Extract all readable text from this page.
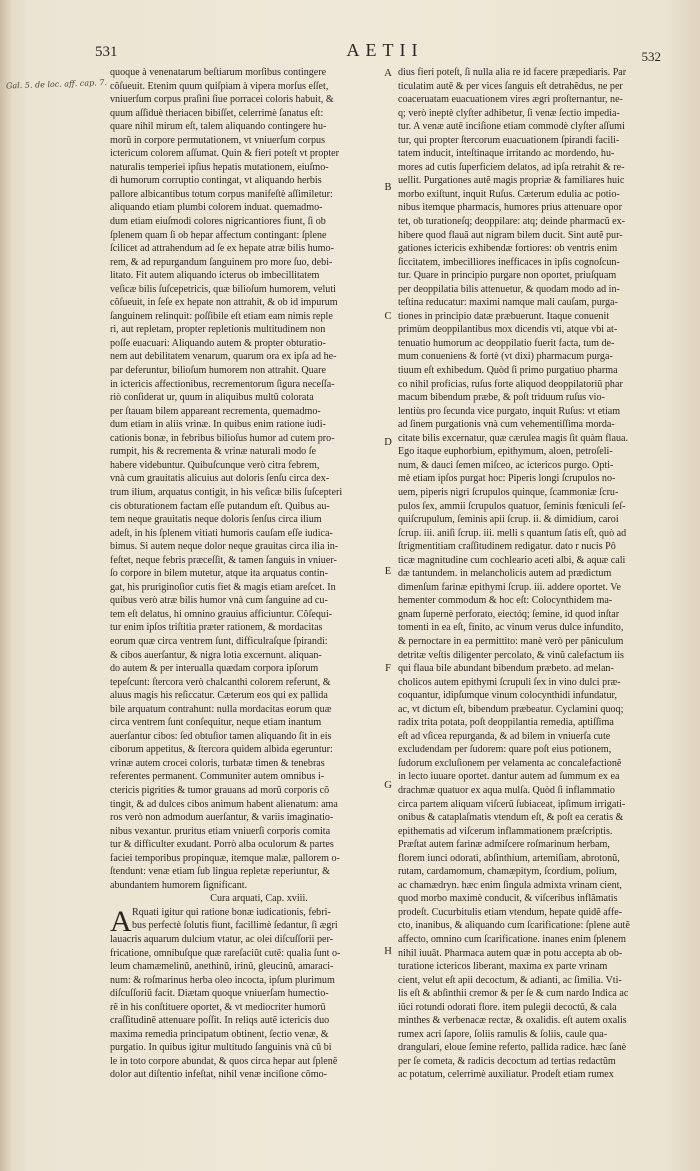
531	AETII	532
Gal. 5. de loc. aff. cap. 7.
quoque à venenatarum beſtiarum morſibus contingere
cõſueuit. Etenim quum quiſpiam à vipera morſus eſſet,
vniuerſum corpus praſini ſiue porracei coloris habuit, &
quum aſſiduè theriacen bibiſſet, celerrimè ſanatus eſt:
quare nihil mirum eſt, talem aliquando contingere hu-
morũ in corpore permutationem, vt vniuerſum corpus
ictericum colorem aſſumat. Quin & fieri poteſt vt propter
naturalis temperiei ipſius hepatis mutationem, eiuſmo-
di humorum corruptio contingat, vt aliquando herbis
pallore albicantibus totum corpus manifeſtè aſſimiletur:
aliquando etiam plumbi colorem induat. quemadmo-
dum etiam eiuſmodi colores nigricantiores fiunt, ſi ob
ſplenem quam ſi ob hepar affectum contingant: ſplene
ſcilicet ad attrahendum ad ſe ex hepate atræ bilis humo-
rem, & ad repurgandum ſanguinem pro more ſuo, debi-
litato. Fit autem aliquando icterus ob imbecillitatem
veſicæ bilis ſuſcepetricis, quæ bilioſum humorem, veluti
cõſueuit, in ſeſe ex hepate non attrahit, & ob id impurum
ſanguinem relinquit: poſſibile eſt etiam eam nimis reple
ri, aut repletam, propter repletionis multitudinem non
poſſe euacuari: Aliquando autem & propter obturatio-
nem aut debilitatem venarum, quarum ora ex ipſa ad he-
par deferuntur, bilioſum humorem non attrahit. Quare
in ictericis affectionibus, recrementorum ſigura neceſſa-
riò conſiderat ur, quum in aliquibus multũ colorata
per ſtauam bilem appareant recrementa, quemadmo-
dum etiam in aliis vrinæ. In quibus enim ratione iudi-
cationis bonæ, in febribus bilioſus humor ad cutem pro-
rumpit, his & recrementa & vrinæ naturali modo ſe
habere videbuntur. Quibuſcunque verò citra febrem,
vnà cum grauitatis alicuius aut doloris ſenſu circa dex-
trum ilium, arquatus contigit, in his veſicæ bilis ſuſcepteri
cis obturationem factam eſſe putandum eſt. Quibus au-
tem neque grauitatis neque doloris ſenſus circa ilium
adeſt, in his ſplenem vitiati humoris cauſam eſſe iudica-
bimus. Si autem neque dolor neque grauitas circa ilia in-
feſtet, neque febris præceſſit, & tamen ſanguis in vniuer-
ſo corpore in bilem mutetur, atque ita arquatus contin-
gat, his pruriginoſior cutis fiet & magis etiam areſcet. In
quibus verò atræ bilis humor vnà cum ſanguine ad cu-
tem eſt delatus, hi omnino grauius afficiuntur. Cõſequi-
tur enim ipſos triſtitia præter rationem, & mordacitas
eorum quæ circa ventrem ſunt, difficulraſque ſpirandi:
& cibos auerſantur, & nigra lotia excernunt. aliquan-
do autem & per interualla quædam corpora ipſorum
tepeſcunt: ſtercora verò chalcanthi colorem referunt, &
aluus magis his reſiccatur. Cæterum eos qui ex pallida
bile arquatum contrahunt: nulla mordacitas eorum quæ
circa ventrem ſunt conſequitur, neque etiam inantum
auerſantur cibos: ſed obtuſior tamen aliquando ſit in eis
ciborum appetitus, & ſtercora quidem albida egeruntur:
vrinæ autem crocei coloris, turbatæ timen & tenebras
referentes permanent. Communiter autem omnibus i-
ctericis pigrities & tumor grauans ad morũ corporis cõ
tingit, & ad dulces cibos animum habent alienatum: ama
ros verò non admodum auerſantur, & variis imaginatio-
nibus vexantur. pruritus etiam vniuerſi corporis comita
tur & difficulter exudant. Porrò alba oculorum & partes
faciei temporibus propinquæ, itemque malæ, pallorem o-
ſtendunt: venæ etiam ſub lingua repletæ reperiuntur, &
abundantem humorem ſignificant.
Cura arquati, Cap. xviii.
Rquati igitur qui ratione bonæ iudicationis, febri-
bus perfectè ſolutis fiunt, facillimè ſedantur, ſi ægri
lauacris aquarum dulcium vtatur, ac olei diſcuſſorii per-
fricatione, omnibuſque quæ rareſaciũt cutẽ: qualia ſunt o-
leum chamæmelinũ, anethinũ, irinũ, gleucinũ, amaraci-
num: & roſmarinus herba oleo incocta, ipſum plurimum
diſcuſſoriũ facit. Diætam quoque vniuerſam humectio-
rẽ in his conſtituere oportet, & vt mediocriter humorũ
craſſitudinẽ attenuare poſſit. In reliqs autẽ ictericis duo
maxima remedia principatum obtinent, ſectio venæ, &
purgatio. In quibus igitur multitudo ſanguinis vnà cũ bi
le in toto corpore abundat, & quos circa hepar aut ſplenẽ
dolor aut diſtentio infeſtat, nihil venæ inciſione cõmo-
dius fieri poteſt, ſi nulla alia re id facere præpediaris. Par
ticulatim autẽ & per vices ſanguis eſt detrahẽdus, ne per
coaceruatam euacuationem vires ægri proſternantur, ne-
q; verò ineptè clyſter adhibetur, ſi venæ ſectio impedia-
tur. A venæ autẽ inciſione etiam commodè clyſter aſſumi
tur, qui propter ſtercorum euacuationem ſpirandi facili-
tatem inducit, inteſtinaque irritando ac mordendo, hu-
mores ad cutis ſuperficiem delatos, ad ipſa retrahit & re-
uellit. Purgationes autẽ magis propriæ & familiares huic
morbo exiſtunt, inquit Ruſus. Cæterum edulia ac potio-
nibus itemque pharmacis, humores prius attenuare opor
tet, ob turationeſq; deoppilare: atq; deinde pharmacũ ex-
hibere quod flauã aut nigram bilem ducit. Sint autẽ pur-
gationes ictericis exhibendæ fortiores: ob ventris enim
ſiccitatem, imbecilliores inefficaces in ipſis cognoſcun-
tur. Quare in principio purgare non oportet, priuſquam
per deoppilatia bilis attenuetur, & quodam modo ad in-
teſtina reducatur: maximi namque mali cauſam, purga-
tiones in principio datæ præbuerunt. Itaque conuenit
primùm deoppilantibus mox dicendis vti, atque vbi at-
tenuatio humorum ac deoppilatio fuerit facta, tum de-
mum conueniens & fortè (vt dixi) pharmacum purga-
tiuum eſt exhibedum. Quòd ſi primo purgatiuo pharma
co nihil proficias, ruſus forte aliquod deoppilatoriũ phar
macum bibendum præbe, & poſt triduum ruſus vio-
lentiùs pro ſecunda vice purgato, inquit Ruſus: vt etiam
ad ſinem purgationis vnà cum vehementiſſima morda-
citate bilis excernatur, quæ cærulea magis ſit quàm flaua.
Ego itaque euphorbium, epithymum, aloen, petroſeli-
num, & dauci ſemen miſceo, ac ictericos purgo. Opti-
mè etiam ipſos purgat hoc: Piperis longi ſcrupulos no-
uem, piperis nigri ſcrupulos quinque, ſcammoniæ ſcru-
pulos ſex, ammii ſcrupulos quatuor, ſeminis fœniculi ſeſ-
quiſcrupulum, ſeminis apii ſcrup. ii. & dimidium, caroi
ſcrup. iii. aniſi ſcrup. iii. melli s quantum ſatis eſt, quò ad
ſtrigmentitiam craſſitudinem redigatur. dato r nucis Pô
ticæ magnitudine cum cochleario aceti albi, & aquæ cali
dæ tantundem. in melancholicis autem ad prædictum
dimenſum farinæ epithymi ſcrup. iii. addere oportet. Ve
hementer commodum & hoc eſt: Colocynthidem ma-
gnam ſupernè perforato, eiectóq; ſemine, id quod inſtar
tomenti in ea eſt, finito, ac vinum verus dulce infundito,
& pernoctare in ea permittito: manè verò per pãniculum
detritæ veſtis diligenter percolato, & vinũ calefactum iis
qui flaua bile abundant bibendum præbeto. ad melan-
cholicos autem epithymi ſcrupuli ſex in vino dulci præ-
coquantur, idipſumque vinum colocynthidi infundatur,
ac, vt dictum eſt, bibendum præbeatur. Cyclamini quoq;
radix trita potata, poſt deoppilantia remedia, aptiſſima
eſt ad vſicea repurganda, & ad bilem in vniuerſa cute
excludendam per ſudorem: quare poſt eius potionem,
ſudorum excluſionem per velamenta ac concalefactionẽ
in lecto iuuare oportet. dantur autem ad ſummum ex ea
drachmæ quatuor ex aqua mulſa. Quòd ſi inflammatio
circa partem aliquam viſcerũ ſubiaceat, ipſimum irrigati-
onibus & cataplaſmatis vtendum eſt, & poſt ea ceratis &
epithematis ad viſcerum inflammationem præſcriptis.
Præſtat autem farinæ admiſcere roſmarinum herbam,
florem iunci odorati, abſinthium, artemiſiam, abrotonũ,
rutam, cardamomum, chamæpitym, ſcordium, polium,
ac chamædryn. hæc enim ſingula admixta vrinam cient,
quod morbo maximè conducit, & viſceribus inflãmatis
prodeſt. Cucurbitulis etiam vtendum, hepate quidẽ affe-
cto, inanibus, & aliquando cum ſcarificatione: ſplene autẽ
affecto, omnino cum ſcarificatione. inanes enim ſplenem
nihil iuuãt. Pharmaca autem quæ in potu accepta ab ob-
turatione ictericos liberant, maxima ex parte vrinam
cient, velut eſt apii decoctum, & adianti, ac ſimilia. Vti-
lis eſt & abſinthii cremor & per ſe & cum nardo Indica ac
iũci rotundi odorati flore. item pulegii decoctũ, & cala
minthes & verbenacæ rectæ, & oxalidis. eſt autem oxalis
rumex acri ſapore, ſoliis ramulis & ſoliis, caule qua-
drangulari, eloue ſemine referto, pallida radice. hæc ſanè
per ſe cometa, & radicis decoctum ad tertias redactũm
ac potatum, celerrimè auxiliatur. Prodeſt etiam rumex
A
B
C
D
E
F
G
H
A
